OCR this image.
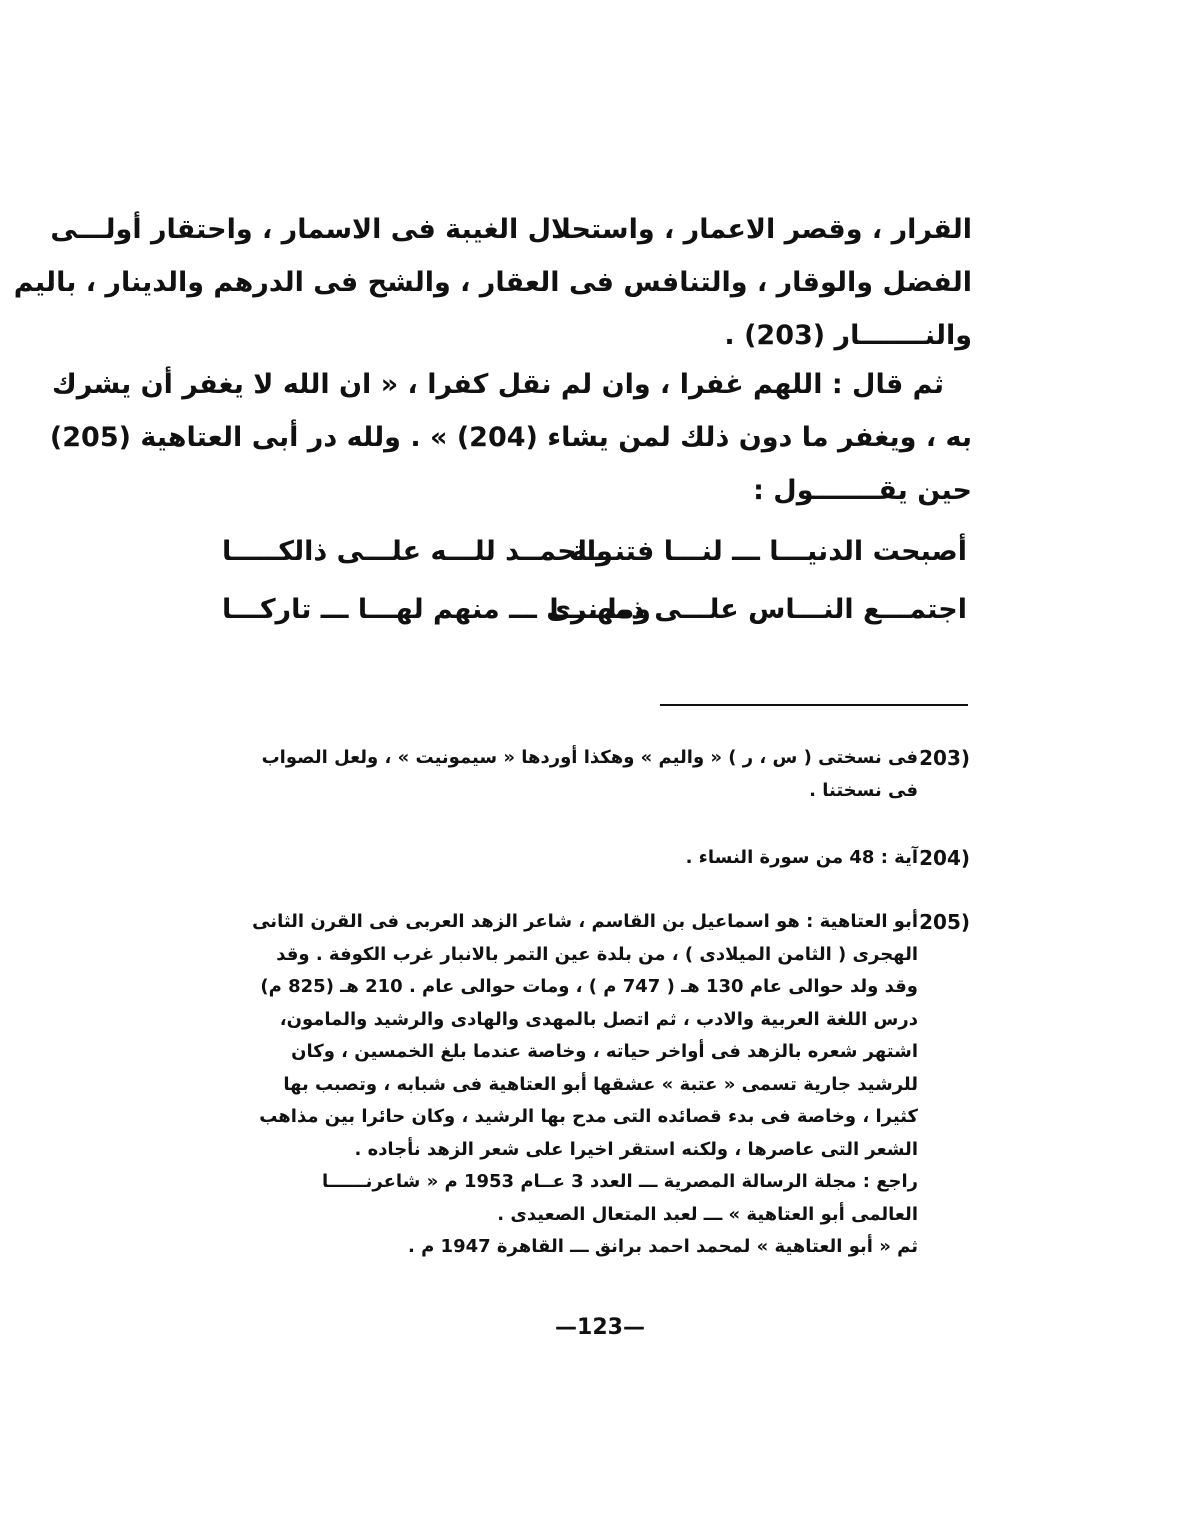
القرار ، وقصر الاعمار ، واستحلال الغيبة فى الاسمار ، واحتقار أولـــى
الفضل والوقار ، والتنافس فى العقار ، والشح فى الدرهم والدينار ، باليم
والنـــــــار (203) .
ثم قال : اللهم غفرا ، وان لم نقل كفرا ، « ان الله لا يغفر أن يشرك
به ، ويغفر ما دون ذلك لمن يشاء (204) » . ولله در أبى العتاهية (205)
حين يقـــــــول :
أصبحت الدنيـــا ـــ لنـــا فتنـــة
والحمــد للـــه علـــى ذالكـــــا
اجتمـــع النـــاس علـــى ذمهــــا
وما نرى ـــ منهم لهـــا ـــ تاركـــا
(203
فى نسختى ( س ، ر ) « واليم » وهكذا أوردها « سيمونيت » ، ولعل الصواب
فى نسختنا .
(204
آية : 48 من سورة النساء .
(205
أبو العتاهية : هو اسماعيل بن القاسم ، شاعر الزهد العربى فى القرن الثانى
الهجرى ( الثامن الميلادى ) ، من بلدة عين التمر بالانبار غرب الكوفة . وقد
وقد ولد حوالى عام 130 هـ ( 747 م ) ، ومات حوالى عام . 210 هـ (825 م)
درس اللغة العربية والادب ، ثم اتصل بالمهدى والهادى والرشيد والمامون،
اشتهر شعره بالزهد فى أواخر حياته ، وخاصة عندما بلغ الخمسين ، وكان
للرشيد جارية تسمى « عتبة » عشقها أبو العتاهية فى شبابه ، وتصبب بها
كثيرا ، وخاصة فى بدء قصائده التى مدح بها الرشيد ، وكان حائرا بين مذاهب
الشعر التى عاصرها ، ولكنه استقر اخيرا على شعر الزهد نأجاده .
راجع : مجلة الرسالة المصرية ـــ العدد 3 عــام 1953 م « شاعرنــــــا
العالمى أبو العتاهية » ـــ لعبد المتعال الصعيدى .
ثم « أبو العتاهية » لمحمد احمد برانق ـــ القاهرة 1947 م .
—123—
